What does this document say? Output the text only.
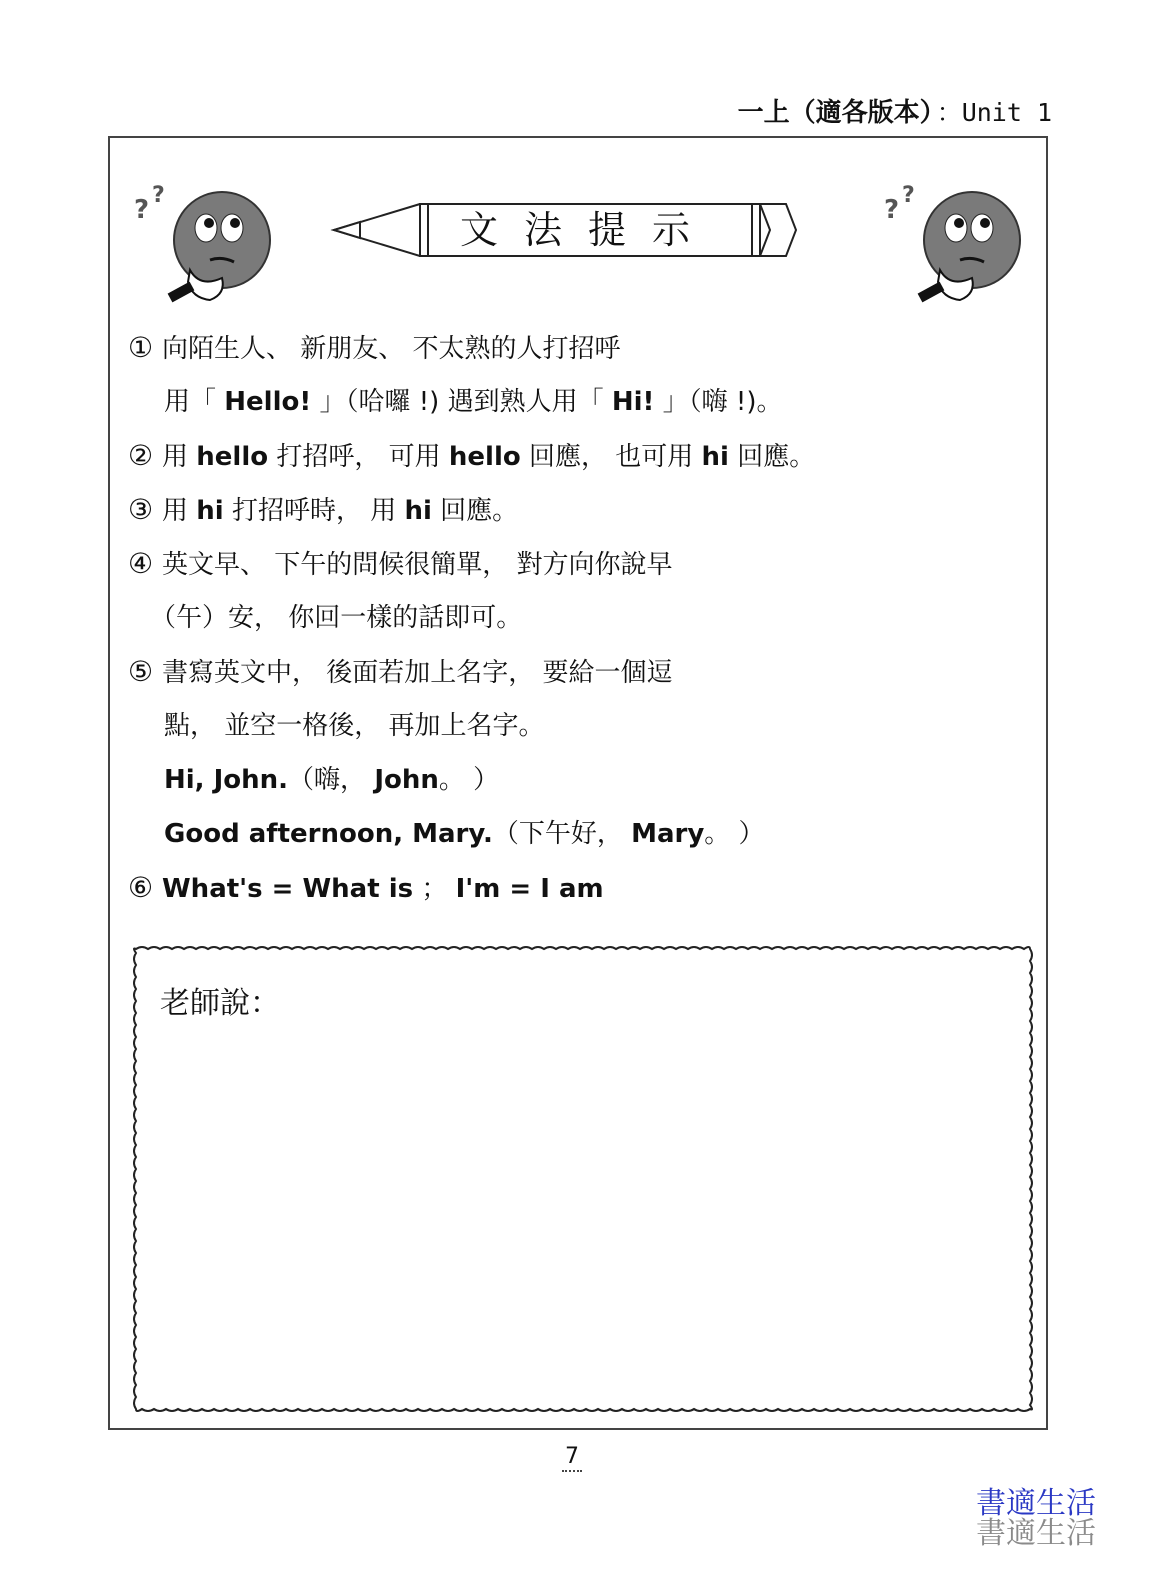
一上（適各版本） ：Unit 1
? ?	? ?
文法提示
① 向陌生人、 新朋友、 不太熟的人打招呼
用「 Hello! 」（哈囉 !) 遇到熟人用「 Hi! 」（嗨 !)。
② 用 hello 打招呼， 可用 hello 回應， 也可用 hi 回應。
③ 用 hi 打招呼時， 用 hi 回應。
④ 英文早、 下午的問候很簡單， 對方向你說早
（午）安， 你回一樣的話即可。
⑤ 書寫英文中， 後面若加上名字， 要給一個逗
點， 並空一格後， 再加上名字。
Hi, John.（嗨， John。 ）
Good afternoon, Mary.（下午好， Mary。 ）
⑥ What's = What is ； I'm = I am
老師說：
7
書適生活
書適生活
